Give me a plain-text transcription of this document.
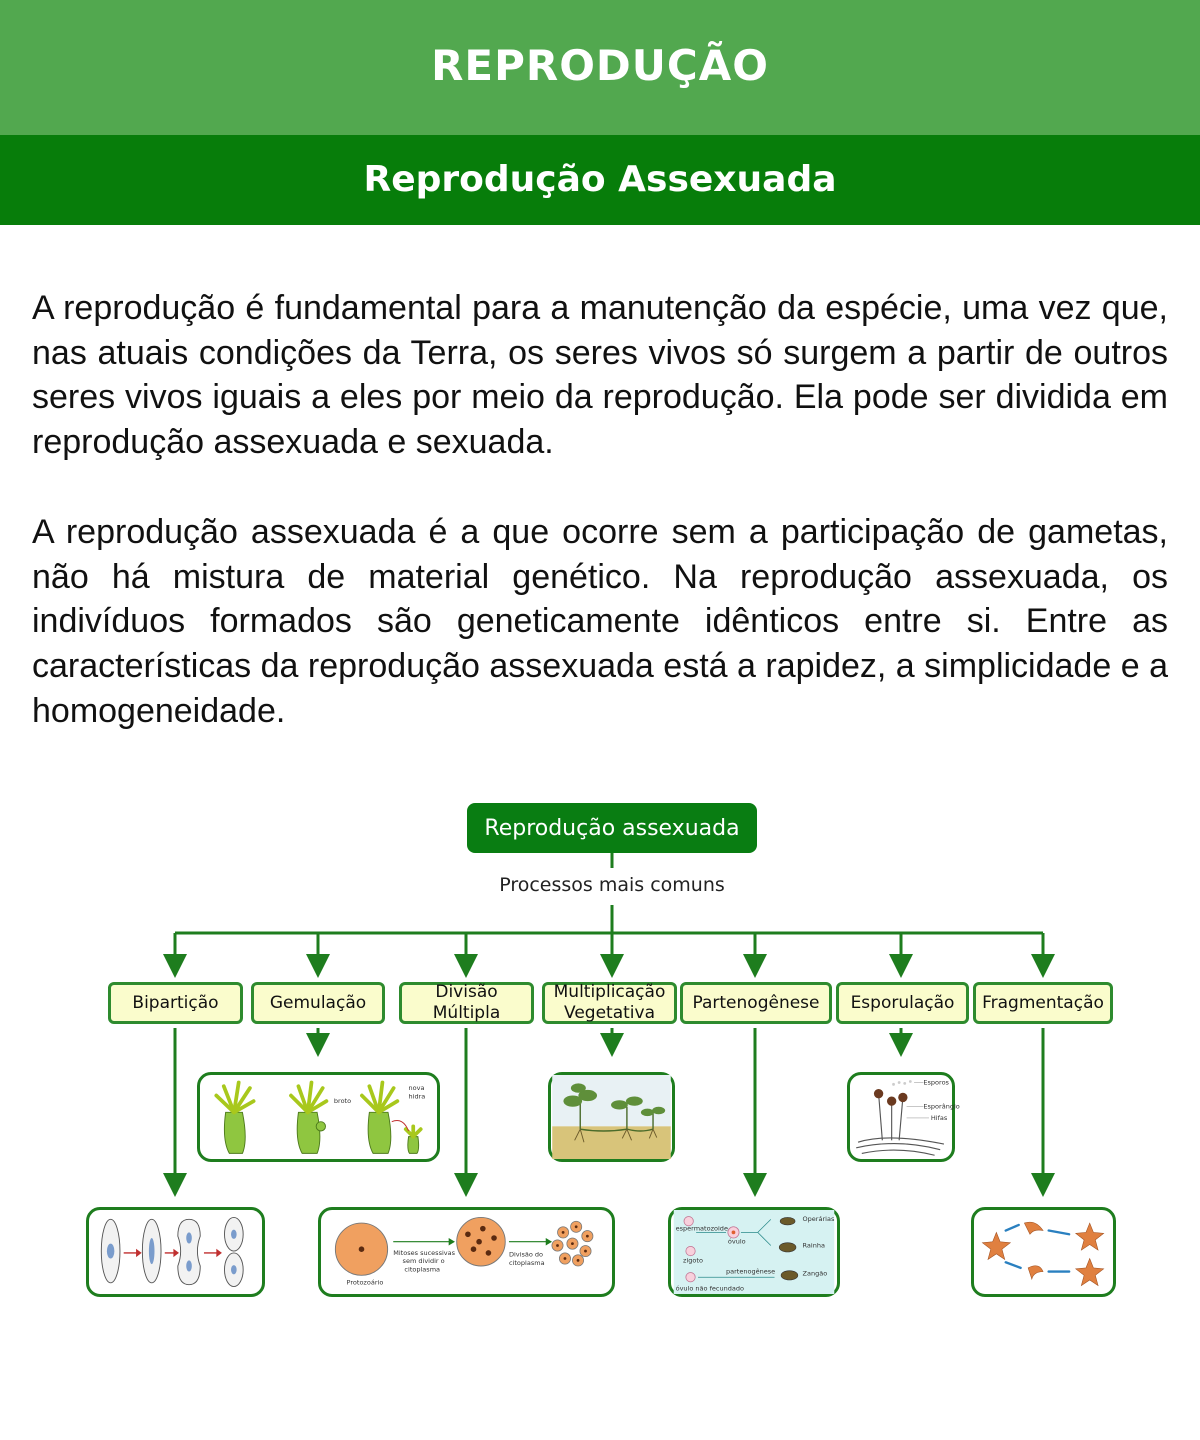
REPRODUÇÃO
Reprodução Assexuada

A reprodução é fundamental para a manutenção da espécie, uma vez que, nas atuais condições da Terra, os seres vivos só surgem a partir de outros seres vivos iguais a eles por meio da reprodução. Ela pode ser dividida em reprodução assexuada e sexuada.

A reprodução assexuada é a que ocorre sem a participação de gametas, não há mistura de material genético. Na reprodução assexuada, os indivíduos formados são geneticamente idênticos entre si. Entre as características da reprodução assexuada está a rapidez, a simplicidade e a homogeneidade.

Reprodução assexuada
Processos mais comuns
Bipartição	Gemulação
Divisão Múltipla
Multiplicação Vegetativa
Partenogênese	Esporulação	Fragmentação
broto
nova
hidra
Esporos
Esporângio
Hifas
Protozoário
Mitoses sucessivas
sem dividir o
citoplasma
Divisão do
citoplasma
espermatozoide
óvulo
zigoto
partenogênese
óvulo não fecundado
Operárias
Rainha
Zangão
